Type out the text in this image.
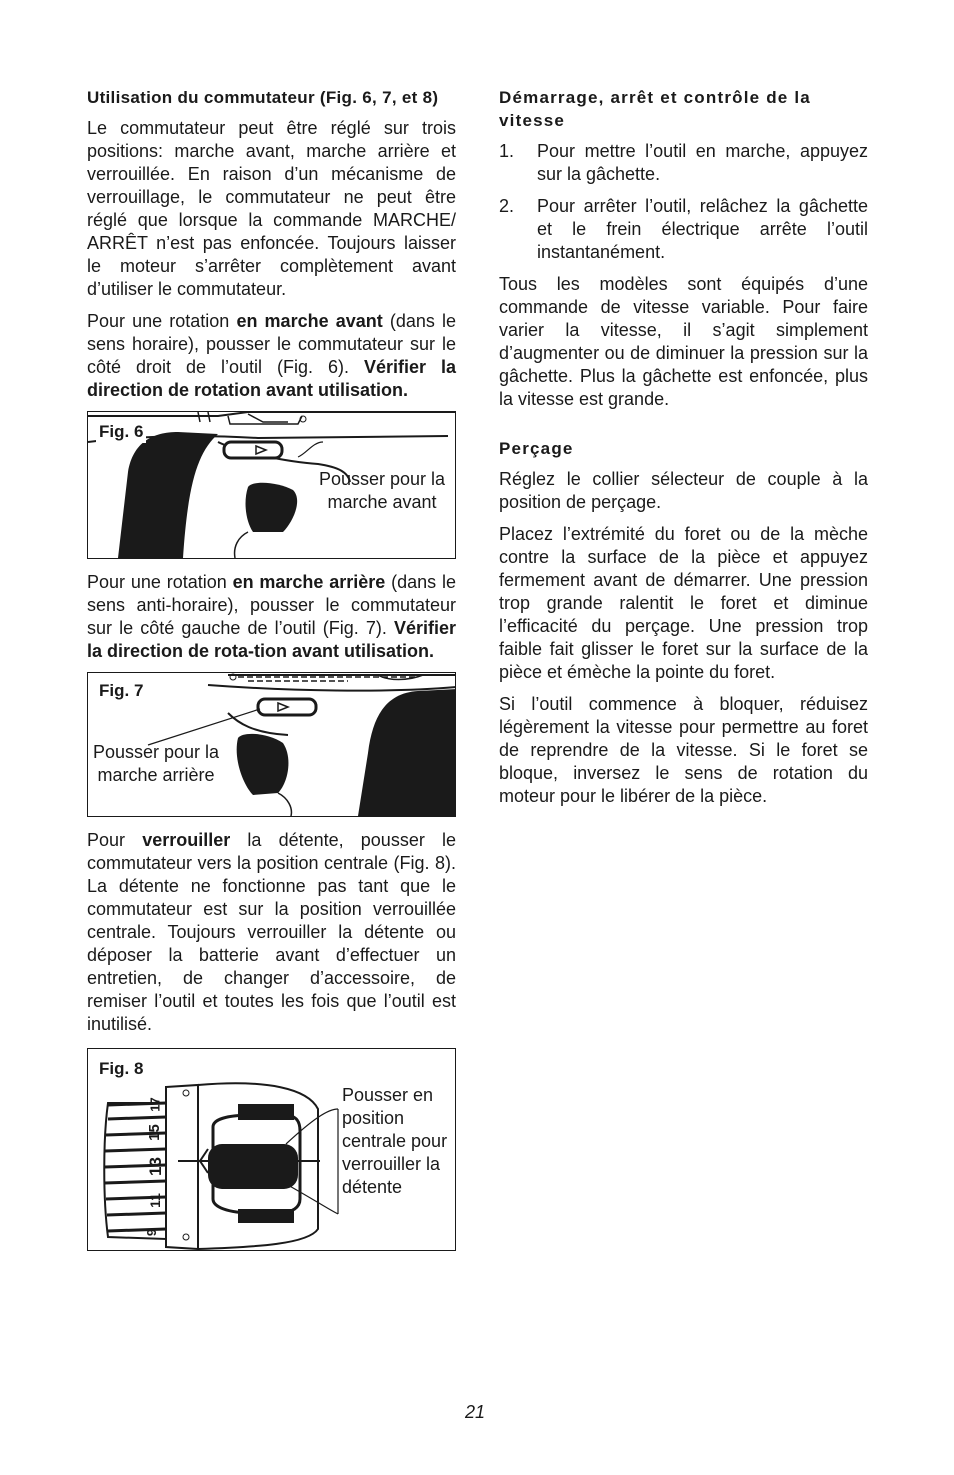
Utilisation du commutateur (Fig. 6, 7, et 8)

Le commutateur peut être réglé sur trois positions: marche avant, marche arrière et verrouillée. En raison d’un mécanisme de verrouillage, le commutateur ne peut être réglé que lorsque la commande MARCHE/ ARRÊT n’est pas enfoncée. Toujours laisser le moteur s’arrêter complètement avant d’utiliser le commutateur.

Pour une rotation en marche avant (dans le sens horaire), pousser le commutateur sur le côté droit de l’outil (Fig. 6). Vérifier la direction de rotation avant utilisation.

Fig. 6
Pousser pour la marche avant

Pour une rotation en marche arrière (dans le sens anti-horaire), pousser le commutateur sur le côté gauche de l’outil (Fig. 7). Vérifier la direction de rota-tion avant utilisation.

Fig. 7
Pousser pour la marche arrière

Pour verrouiller la détente, pousser le commutateur vers la position centrale (Fig. 8). La détente ne fonctionne pas tant que le commutateur est sur la position verrouillée centrale. Toujours verrouiller la détente ou déposer la batterie avant d’effectuer un entretien, de changer d’accessoire, de remiser l’outil et toutes les fois que l’outil est inutilisé.

9
11
13
15
17
Fig. 8
Pousser en position centrale pour verrouiller la détente
Démarrage, arrêt et contrôle de la vitesse
1. Pour mettre l’outil en marche, appuyez sur la gâchette.
2. Pour arrêter l’outil, relâchez la gâchette et le frein électrique arrête l’outil instantanément.

Tous les modèles sont équipés d’une commande de vitesse variable. Pour faire varier la vitesse, il s’agit simplement d’augmenter ou de diminuer la pression sur la gâchette. Plus la gâchette est enfoncée, plus la vitesse est grande.

Perçage

Réglez le collier sélecteur de couple à la position de perçage.

Placez l’extrémité du foret ou de la mèche contre la surface de la pièce et appuyez fermement avant de démarrer. Une pression trop grande ralentit le foret et diminue l’efficacité du perçage. Une pression trop faible fait glisser le foret sur la surface de la pièce et émèche la pointe du foret.

Si l’outil commence à bloquer, réduisez légèrement la vitesse pour permettre au foret de reprendre de la vitesse. Si le foret se bloque, inversez le sens de rotation du moteur pour le libérer de la pièce.

21
